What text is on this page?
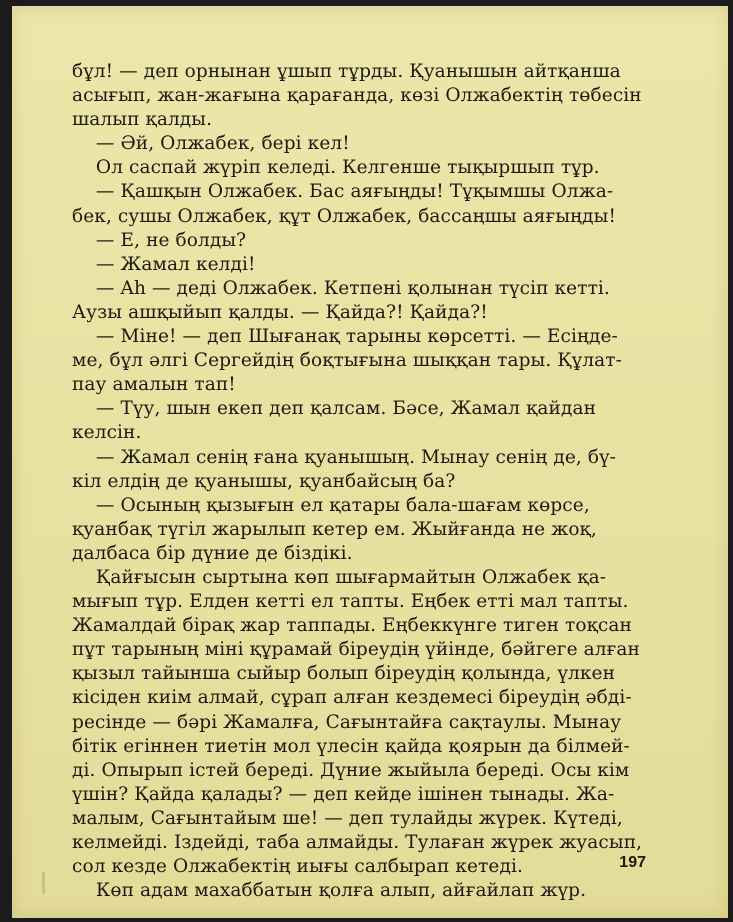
бұл! — деп орнынан ұшып тұрды. Қуанышын айтқанша
асығып, жан-жағына қарағанда, көзі Олжабектің төбесін
шалып қалды.
— Әй, Олжабек, бері кел!
Ол саспай жүріп келеді. Келгенше тықыршып тұр.
— Қашқын Олжабек. Бас аяғыңды! Тұқымшы Олжа-
бек, сушы Олжабек, құт Олжабек, бассаңшы аяғыңды!
— Е, не болды?
— Жамал келді!
— Ah — деді Олжабек. Кетпені қолынан түсіп кетті.
Аузы ашқыйып қалды. — Қайда?! Қайда?!
— Міне! — деп Шығанақ тарыны көрсетті. — Есіңде-
ме, бұл әлгі Сергейдің боқтығына шыққан тары. Құлат-
пау амалын тап!
— Түу, шын екеп деп қалсам. Бәсе, Жамал қайдан
келсін.
— Жамал сенің ғана қуанышың. Мынау сенің де, бү-
кіл елдің де қуанышы, қуанбайсың ба?
— Осының қызығын ел қатары бала-шағам көрсе,
қуанбақ түгіл жарылып кетер ем. Жыйғанда не жоқ,
далбаса бір дүние де біздікі.
Қайғысын сыртына көп шығармайтын Олжабек қа-
мығып тұр. Елден кетті ел тапты. Еңбек етті мал тапты.
Жамалдай бірақ жар таппады. Еңбеккүнге тиген тоқсан
пұт тарының міні құрамай біреудің үйінде, бәйгеге алған
қызыл тайынша сыйыр болып біреудің қолында, үлкен
кісіден киім алмай, сұрап алған кездемесі біреудің әбді-
ресінде — бәрі Жамалға, Сағынтайға сақтаулы. Мынау
бітік егіннен тиетін мол үлесін қайда қоярын да білмей-
ді. Опырып істей береді. Дүние жыйыла береді. Осы кім
үшін? Қайда қалады? — деп кейде ішінен тынады. Жа-
малым, Сағынтайым ше! — деп тулайды жүрек. Күтеді,
келмейді. Іздейді, таба алмайды. Тулаған жүрек жуасып,
сол кезде Олжабектің иығы салбырап кетеді.
Көп адам махаббатын қолға алып, айғайлап жүр.
197
